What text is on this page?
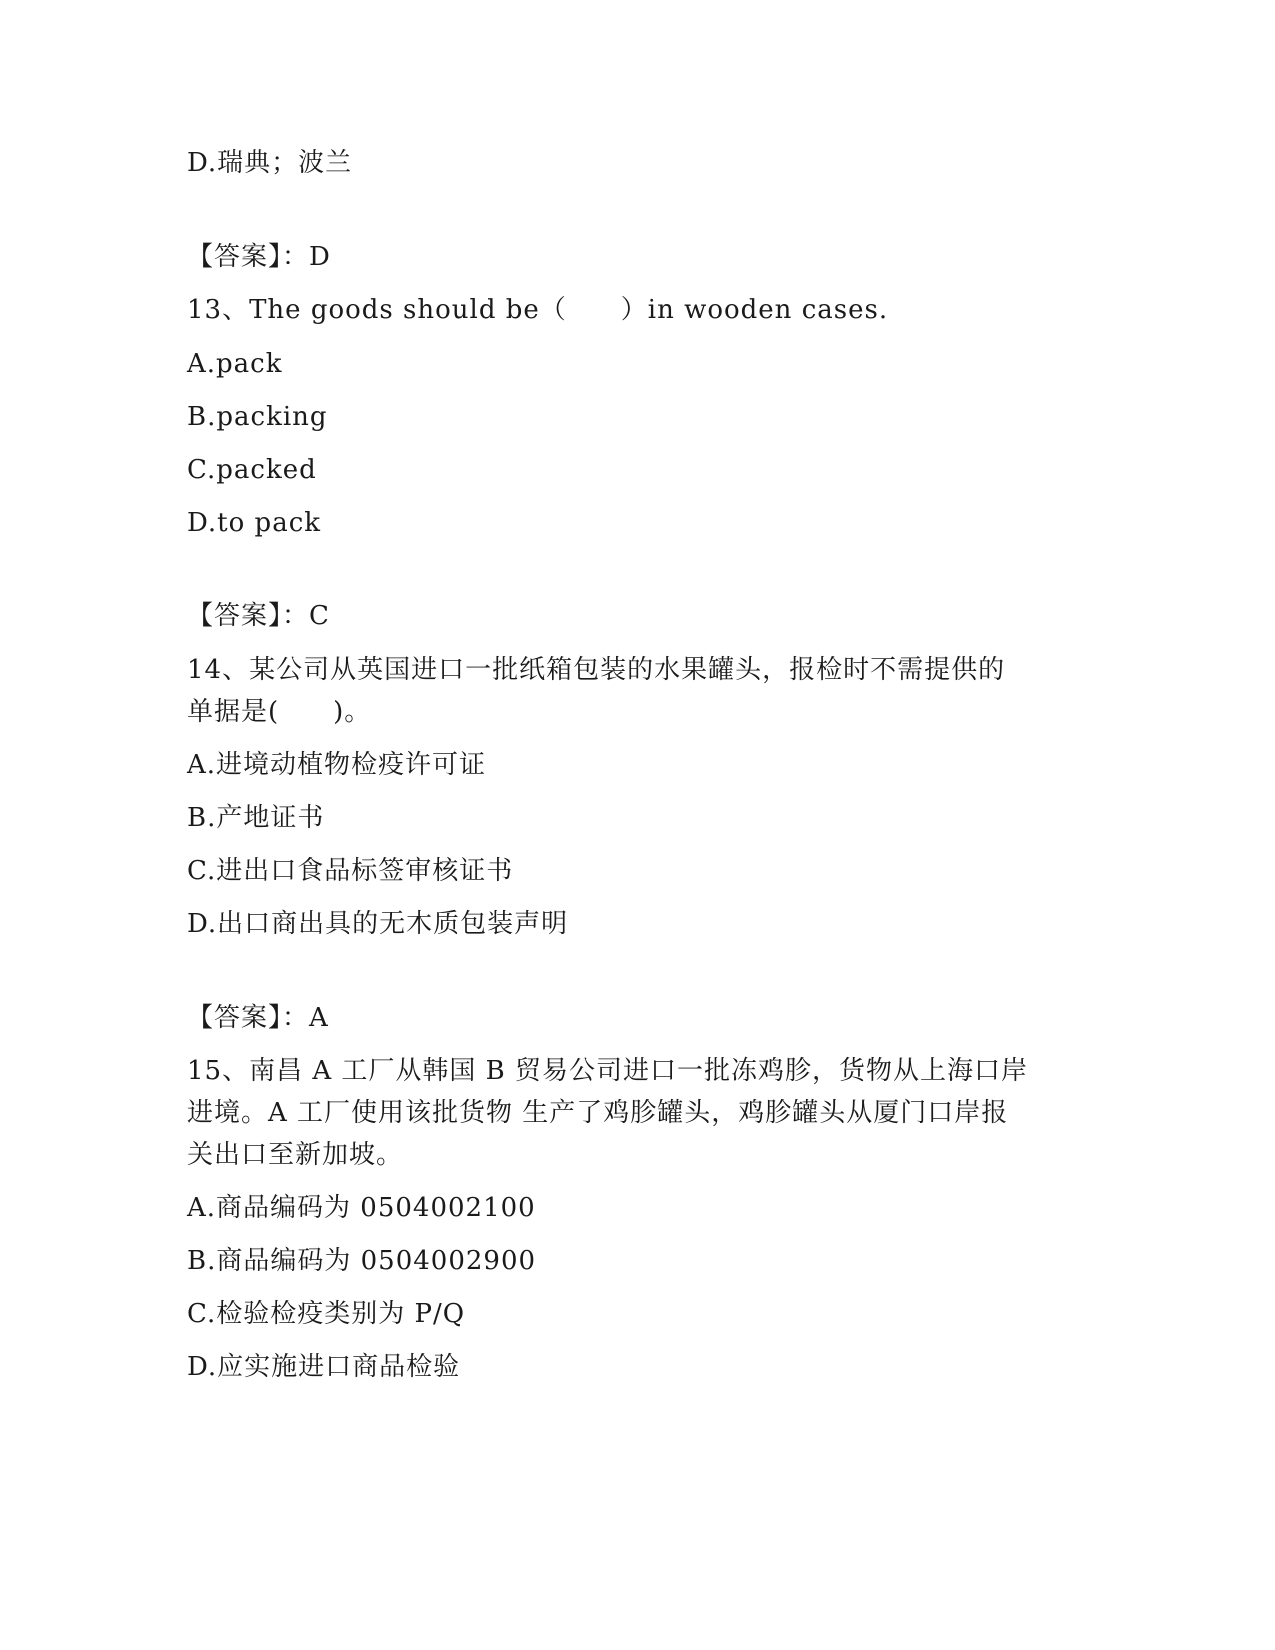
D.瑞典；波兰
【答案】：D
13、The goods should be（　　）in wooden cases.
A.pack
B.packing
C.packed
D.to pack
【答案】：C
14、某公司从英国进口一批纸箱包装的水果罐头，报检时不需提供的
单据是(　　)。
A.进境动植物检疫许可证
B.产地证书
C.进出口食品标签审核证书
D.出口商出具的无木质包装声明
【答案】：A
15、南昌 A 工厂从韩国 B 贸易公司进口一批冻鸡胗，货物从上海口岸
进境。A 工厂使用该批货物 生产了鸡胗罐头，鸡胗罐头从厦门口岸报
关出口至新加坡。
A.商品编码为 0504002100
B.商品编码为 0504002900
C.检验检疫类别为 P/Q
D.应实施进口商品检验
